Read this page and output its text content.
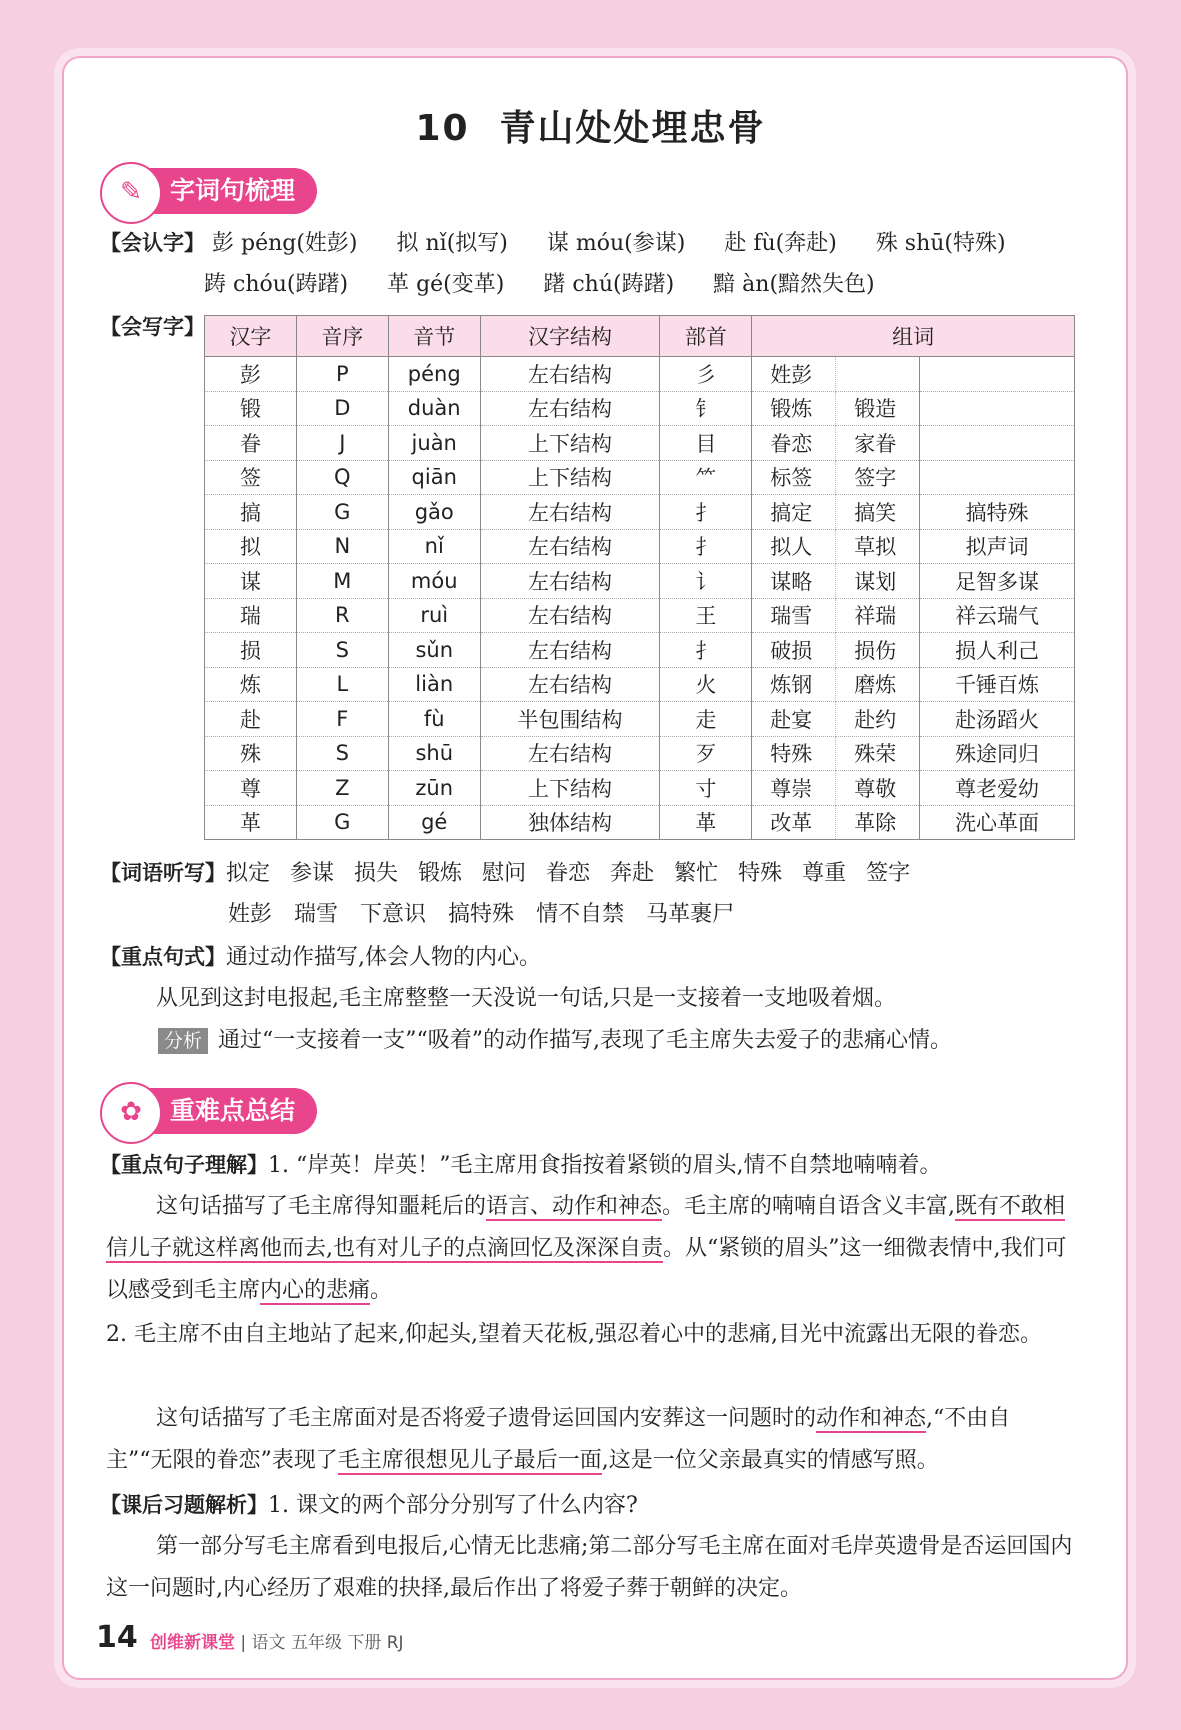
10 青山处处埋忠骨
✎	字词句梳理
【会认字】 彭 péng(姓彭) 拟 nǐ(拟写) 谋 móu(参谋) 赴 fù(奔赴) 殊 shū(特殊)
踌 chóu(踌躇) 革 gé(变革) 躇 chú(踌躇) 黯 àn(黯然失色)
【会写字】 汉字	音序	音节	汉字结构	部首	组词		
彭	P	péng	左右结构	彡	姓彭		
锻	D	duàn	左右结构	钅	锻炼	锻造	
眷	J	juàn	上下结构	目	眷恋	家眷	
签	Q	qiān	上下结构	⺮	标签	签字	
搞	G	gǎo	左右结构	扌	搞定	搞笑	搞特殊
拟	N	nǐ	左右结构	扌	拟人	草拟	拟声词
谋	M	móu	左右结构	讠	谋略	谋划	足智多谋
瑞	R	ruì	左右结构	王	瑞雪	祥瑞	祥云瑞气
损	S	sǔn	左右结构	扌	破损	损伤	损人利己
炼	L	liàn	左右结构	火	炼钢	磨炼	千锤百炼
赴	F	fù	半包围结构	走	赴宴	赴约	赴汤蹈火
殊	S	shū	左右结构	歹	特殊	殊荣	殊途同归
尊	Z	zūn	上下结构	寸	尊崇	尊敬	尊老爱幼
革	G	gé	独体结构	革	改革	革除	洗心革面
【词语听写】拟定 参谋 损失 锻炼 慰问 眷恋 奔赴 繁忙 特殊 尊重 签字
姓彭 瑞雪 下意识 搞特殊 情不自禁 马革裹尸
【重点句式】通过动作描写,体会人物的内心。
从见到这封电报起,毛主席整整一天没说一句话,只是一支接着一支地吸着烟。
分析 通过“一支接着一支”“吸着”的动作描写,表现了毛主席失去爱子的悲痛心情。
✿	重难点总结
【重点句子理解】1. “岸英！岸英！”毛主席用食指按着紧锁的眉头,情不自禁地喃喃着。
这句话描写了毛主席得知噩耗后的语言、动作和神态。毛主席的喃喃自语含义丰富,既有不敢相信儿子就这样离他而去,也有对儿子的点滴回忆及深深自责。从“紧锁的眉头”这一细微表情中,我们可以感受到毛主席内心的悲痛。
2. 毛主席不由自主地站了起来,仰起头,望着天花板,强忍着心中的悲痛,目光中流露出无限的眷恋。
这句话描写了毛主席面对是否将爱子遗骨运回国内安葬这一问题时的动作和神态,“不由自主”“无限的眷恋”表现了毛主席很想见儿子最后一面,这是一位父亲最真实的情感写照。
【课后习题解析】1. 课文的两个部分分别写了什么内容?
第一部分写毛主席看到电报后,心情无比悲痛;第二部分写毛主席在面对毛岸英遗骨是否运回国内这一问题时,内心经历了艰难的抉择,最后作出了将爱子葬于朝鲜的决定。
14 创维新课堂 | 语文 五年级 下册 RJ
